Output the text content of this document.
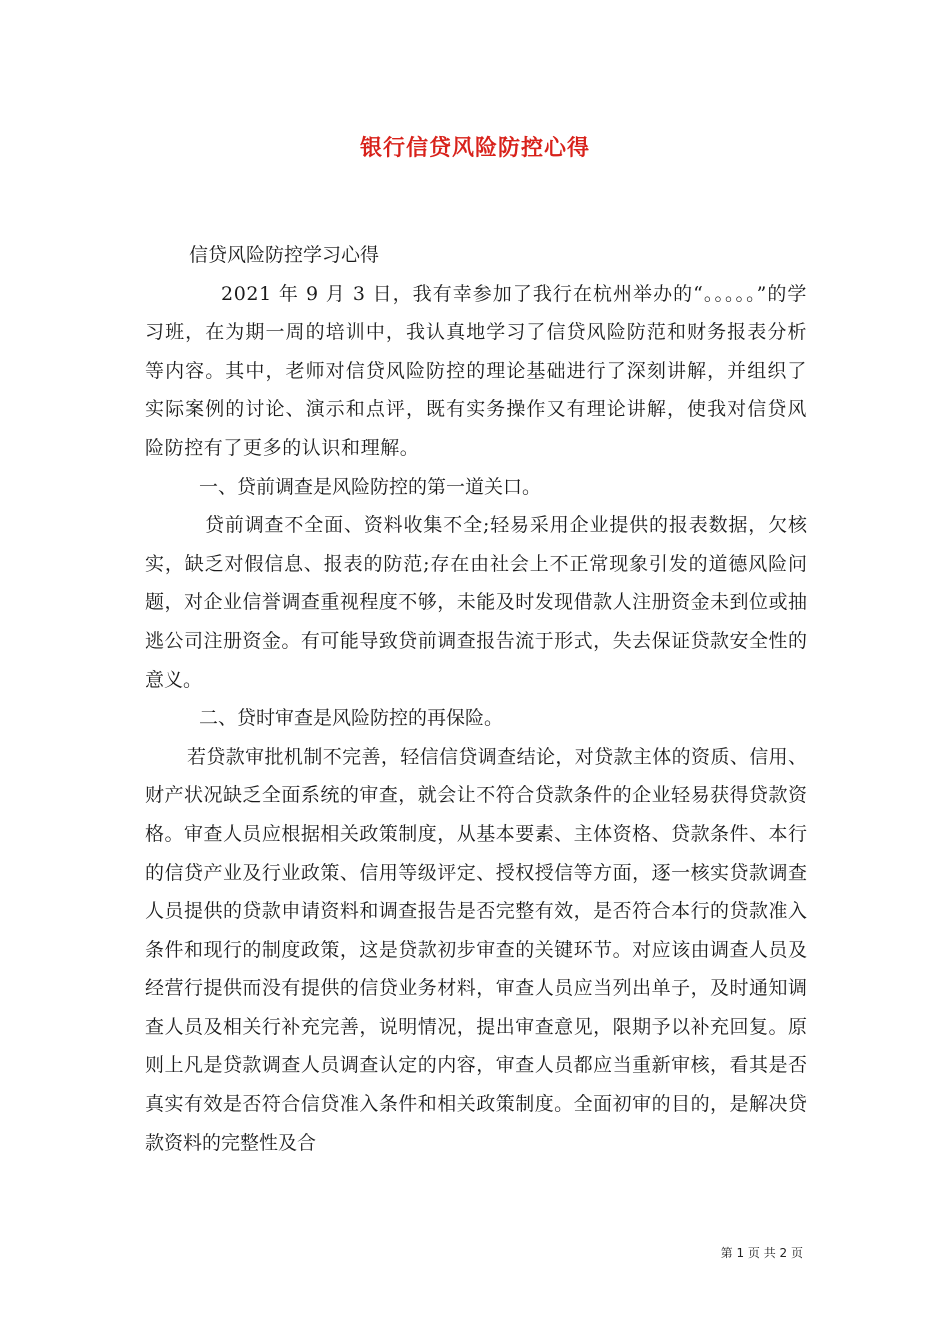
银行信贷风险防控心得

信贷风险防控学习心得

2021 年 9 月 3 日，我有幸参加了我行在杭州举办的“。。。。。”的学习班，在为期一周的培训中，我认真地学习了信贷风险防范和财务报表分析等内容。其中，老师对信贷风险防控的理论基础进行了深刻讲解，并组织了实际案例的讨论、演示和点评，既有实务操作又有理论讲解，使我对信贷风险防控有了更多的认识和理解。

一、贷前调查是风险防控的第一道关口。

贷前调查不全面、资料收集不全;轻易采用企业提供的报表数据，欠核实，缺乏对假信息、报表的防范;存在由社会上不正常现象引发的道德风险问题，对企业信誉调查重视程度不够，未能及时发现借款人注册资金未到位或抽逃公司注册资金。有可能导致贷前调查报告流于形式，失去保证贷款安全性的意义。

二、贷时审查是风险防控的再保险。

若贷款审批机制不完善，轻信信贷调查结论，对贷款主体的资质、信用、财产状况缺乏全面系统的审查，就会让不符合贷款条件的企业轻易获得贷款资格。审查人员应根据相关政策制度，从基本要素、主体资格、贷款条件、本行的信贷产业及行业政策、信用等级评定、授权授信等方面，逐一核实贷款调查人员提供的贷款申请资料和调查报告是否完整有效，是否符合本行的贷款准入条件和现行的制度政策，这是贷款初步审查的关键环节。对应该由调查人员及经营行提供而没有提供的信贷业务材料，审查人员应当列出单子，及时通知调查人员及相关行补充完善，说明情况，提出审查意见，限期予以补充回复。原则上凡是贷款调查人员调查认定的内容，审查人员都应当重新审核，看其是否真实有效是否符合信贷准入条件和相关政策制度。全面初审的目的，是解决贷款资料的完整性及合

第 1 页 共 2 页
